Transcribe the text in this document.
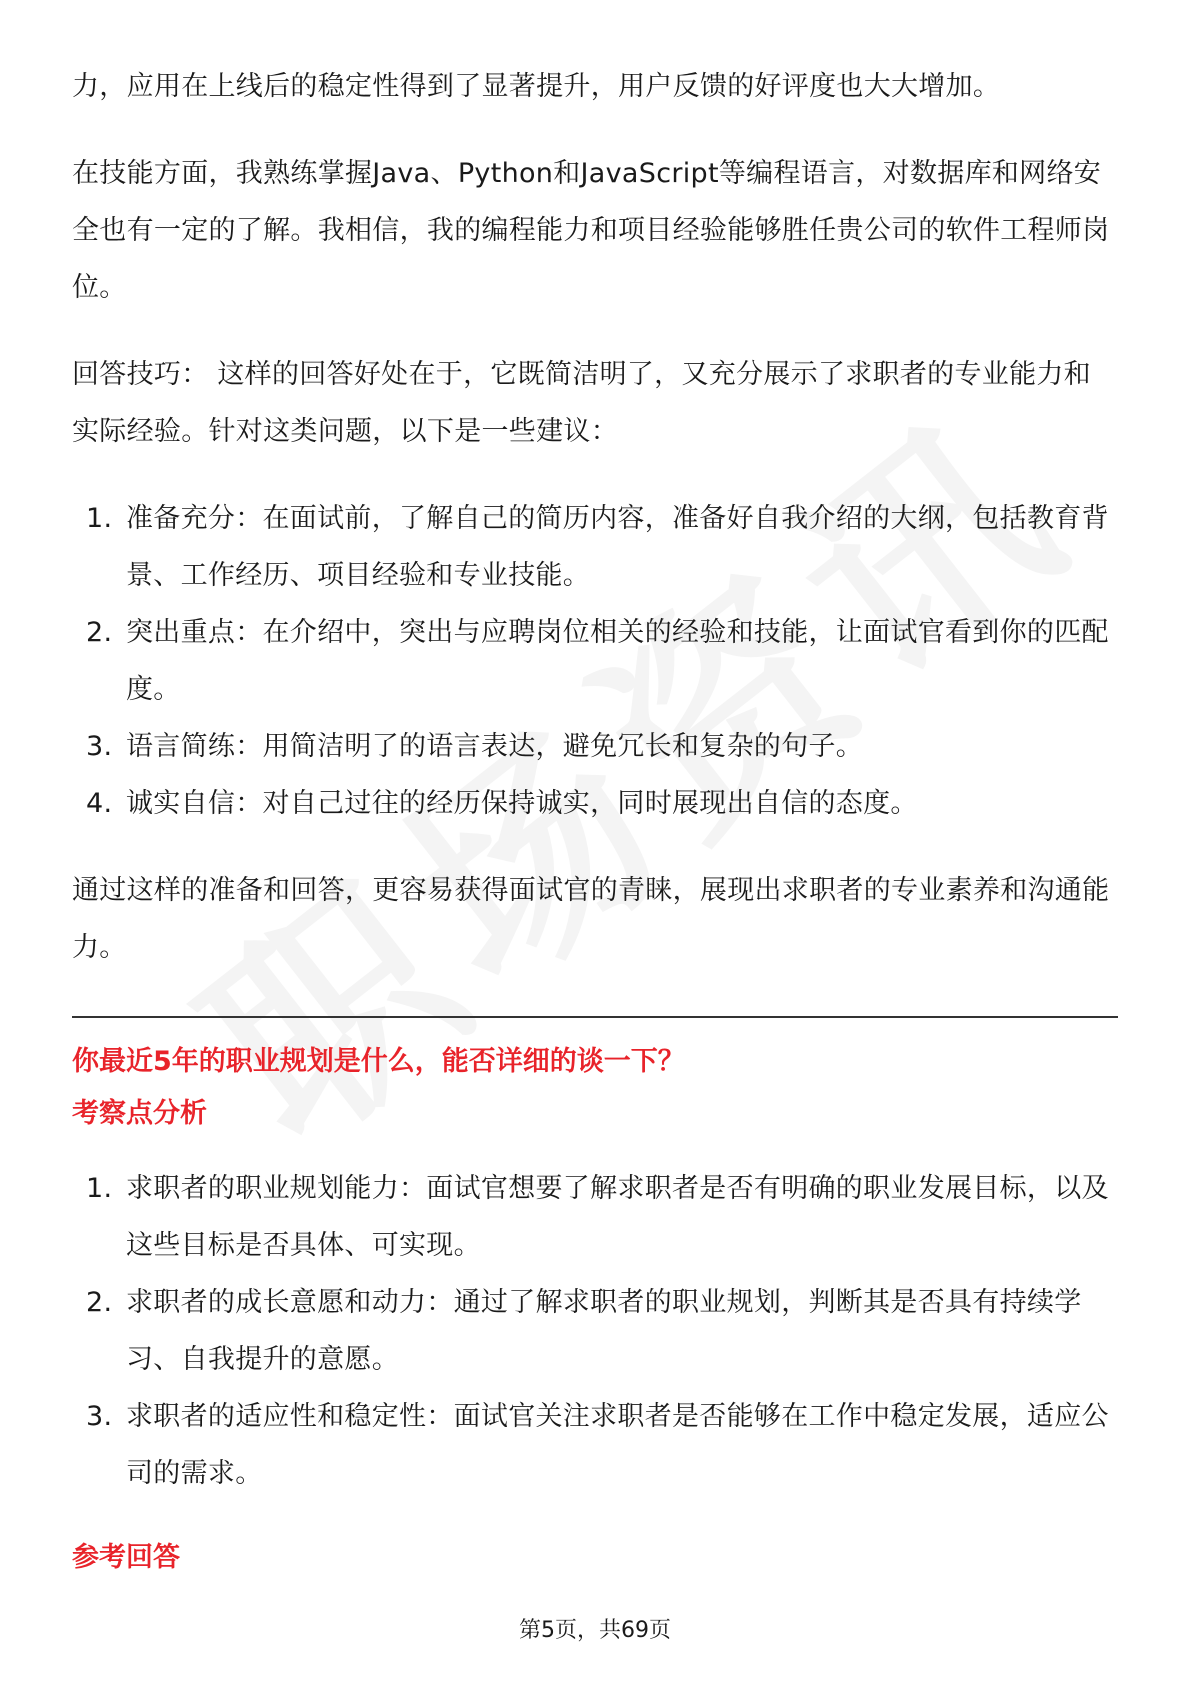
力，应用在上线后的稳定性得到了显著提升，用户反馈的好评度也大大增加。

在技能方面，我熟练掌握Java、Python和JavaScript等编程语言，对数据库和网络安全也有一定的了解。我相信，我的编程能力和项目经验能够胜任贵公司的软件工程师岗位。

回答技巧： 这样的回答好处在于，它既简洁明了，又充分展示了求职者的专业能力和实际经验。针对这类问题，以下是一些建议：

1. 准备充分：在面试前，了解自己的简历内容，准备好自我介绍的大纲，包括教育背景、工作经历、项目经验和专业技能。
2. 突出重点：在介绍中，突出与应聘岗位相关的经验和技能，让面试官看到你的匹配度。
3. 语言简练：用简洁明了的语言表达，避免冗长和复杂的句子。
4. 诚实自信：对自己过往的经历保持诚实，同时展现出自信的态度。

通过这样的准备和回答，更容易获得面试官的青睐，展现出求职者的专业素养和沟通能力。

你最近5年的职业规划是什么，能否详细的谈一下？
考察点分析
1. 求职者的职业规划能力：面试官想要了解求职者是否有明确的职业发展目标，以及这些目标是否具体、可实现。
2. 求职者的成长意愿和动力：通过了解求职者的职业规划，判断其是否具有持续学习、自我提升的意愿。
3. 求职者的适应性和稳定性：面试官关注求职者是否能够在工作中稳定发展，适应公司的需求。
参考回答
第5页，共69页
